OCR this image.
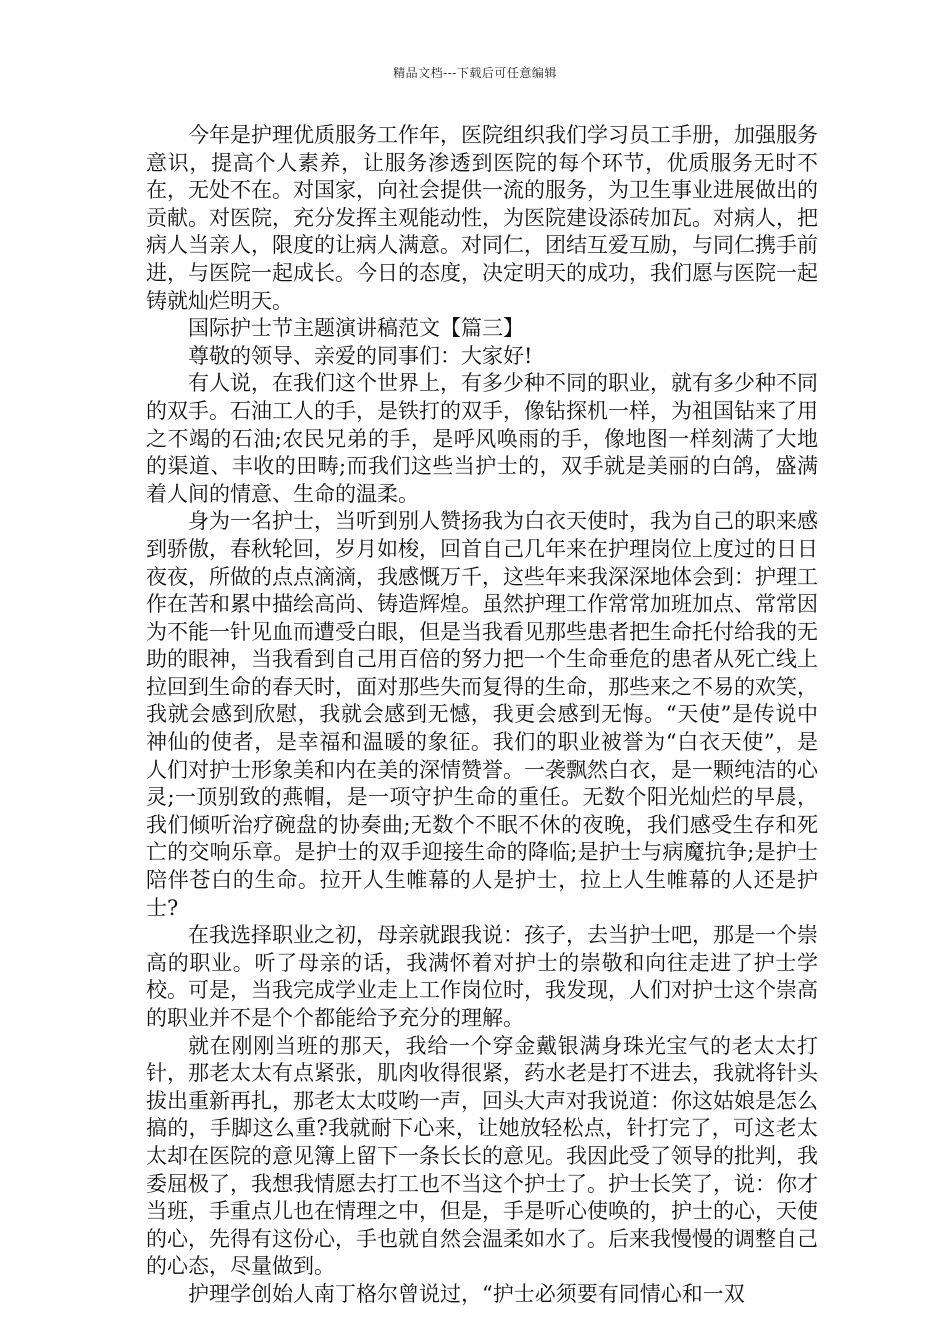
精品文档---下载后可任意编辑

今年是护理优质服务工作年，医院组织我们学习员工手册，加强服务意识，提高个人素养，让服务渗透到医院的每个环节，优质服务无时不在，无处不在。对国家，向社会提供一流的服务，为卫生事业进展做出的贡献。对医院，充分发挥主观能动性，为医院建设添砖加瓦。对病人，把病人当亲人，限度的让病人满意。对同仁，团结互爱互励，与同仁携手前进，与医院一起成长。今日的态度，决定明天的成功，我们愿与医院一起铸就灿烂明天。

国际护士节主题演讲稿范文【篇三】

尊敬的领导、亲爱的同事们：大家好!

有人说，在我们这个世界上，有多少种不同的职业，就有多少种不同的双手。石油工人的手，是铁打的双手，像钻探机一样，为祖国钻来了用之不竭的石油;农民兄弟的手，是呼风唤雨的手，像地图一样刻满了大地的渠道、丰收的田畴;而我们这些当护士的，双手就是美丽的白鸽，盛满着人间的情意、生命的温柔。

身为一名护士，当听到别人赞扬我为白衣天使时，我为自己的职来感到骄傲，春秋轮回，岁月如梭，回首自己几年来在护理岗位上度过的日日夜夜，所做的点点滴滴，我感慨万千，这些年来我深深地体会到：护理工作在苦和累中描绘高尚、铸造辉煌。虽然护理工作常常加班加点、常常因为不能一针见血而遭受白眼，但是当我看见那些患者把生命托付给我的无助的眼神，当我看到自己用百倍的努力把一个生命垂危的患者从死亡线上拉回到生命的春天时，面对那些失而复得的生命，那些来之不易的欢笑，我就会感到欣慰，我就会感到无憾，我更会感到无悔。“天使”是传说中神仙的使者，是幸福和温暖的象征。我们的职业被誉为“白衣天使”，是人们对护士形象美和内在美的深情赞誉。一袭飘然白衣，是一颗纯洁的心灵;一顶别致的燕帽，是一项守护生命的重任。无数个阳光灿烂的早晨，我们倾听治疗碗盘的协奏曲;无数个不眠不休的夜晚，我们感受生存和死亡的交响乐章。是护士的双手迎接生命的降临;是护士与病魔抗争;是护士陪伴苍白的生命。拉开人生帷幕的人是护士，拉上人生帷幕的人还是护士?

在我选择职业之初，母亲就跟我说：孩子，去当护士吧，那是一个崇高的职业。听了母亲的话，我满怀着对护士的崇敬和向往走进了护士学校。可是，当我完成学业走上工作岗位时，我发现，人们对护士这个崇高的职业并不是个个都能给予充分的理解。

就在刚刚当班的那天，我给一个穿金戴银满身珠光宝气的老太太打针，那老太太有点紧张，肌肉收得很紧，药水老是打不进去，我就将针头拔出重新再扎，那老太太哎哟一声，回头大声对我说道：你这姑娘是怎么搞的，手脚这么重?我就耐下心来，让她放轻松点，针打完了，可这老太太却在医院的意见簿上留下一条长长的意见。我因此受了领导的批判，我委屈极了，我想我情愿去打工也不当这个护士了。护士长笑了，说：你才当班，手重点儿也在情理之中，但是，手是听心使唤的，护士的心，天使的心，先得有这份心，手也就自然会温柔如水了。后来我慢慢的调整自己的心态，尽量做到。

护理学创始人南丁格尔曾说过，“护士必须要有同情心和一双
